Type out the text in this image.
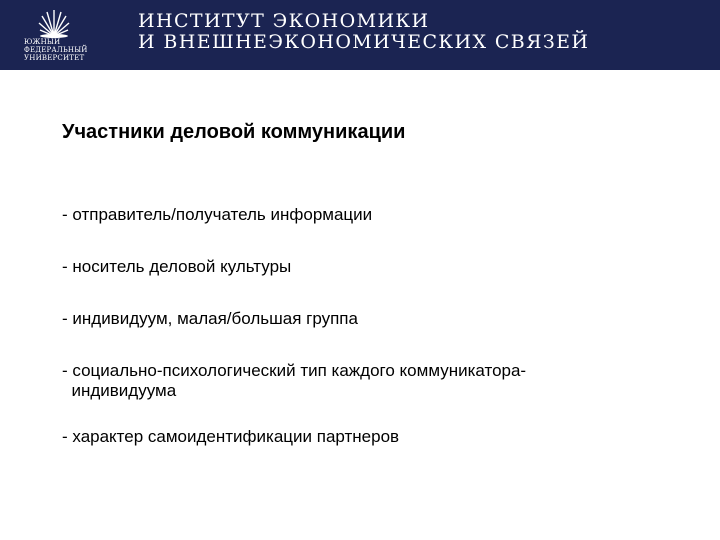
ЮЖНЫЙ
ФЕДЕРАЛЬНЫЙ
УНИВЕРСИТЕТ
ИНСТИТУТ ЭКОНОМИКИ
И ВНЕШНЕЭКОНОМИЧЕСКИХ СВЯЗЕЙ
Участники деловой коммуникации
- отправитель/получатель информации
- носитель деловой культуры
- индивидуум, малая/большая группа
- социально-психологический тип каждого коммуникатора-
индивидуума
- характер самоидентификации партнеров
